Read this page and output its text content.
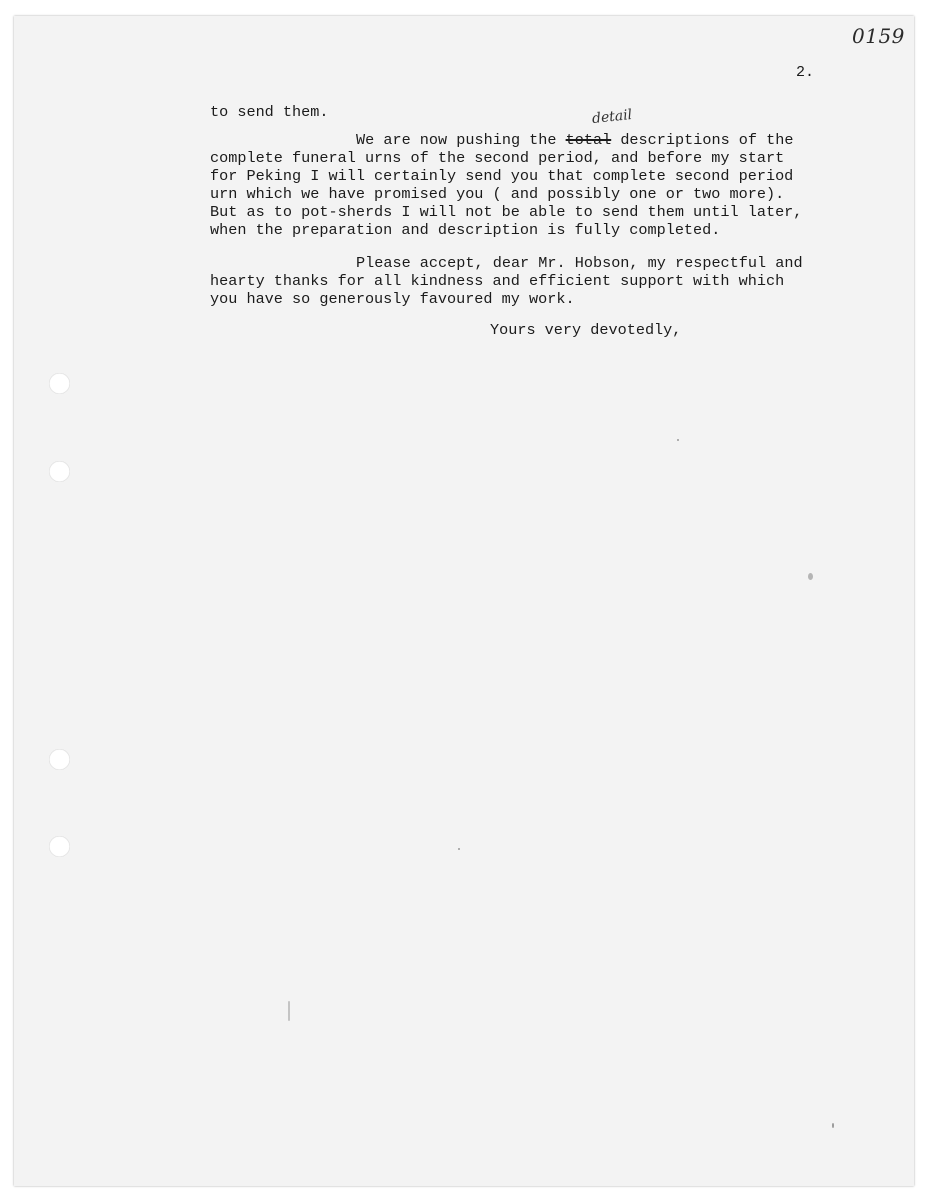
0159
2.
to send them.	detail
We are now pushing the total descriptions of the
complete funeral urns of the second period, and before my start
for Peking I will certainly send you that complete second period
urn which we have promised you ( and possibly one or two more).
But as to pot-sherds I will not be able to send them until later,
when the preparation and description is fully completed.
Please accept, dear Mr. Hobson, my respectful and
hearty thanks for all kindness and efficient support with which
you have so generously favoured my work.
Yours very devotedly,
